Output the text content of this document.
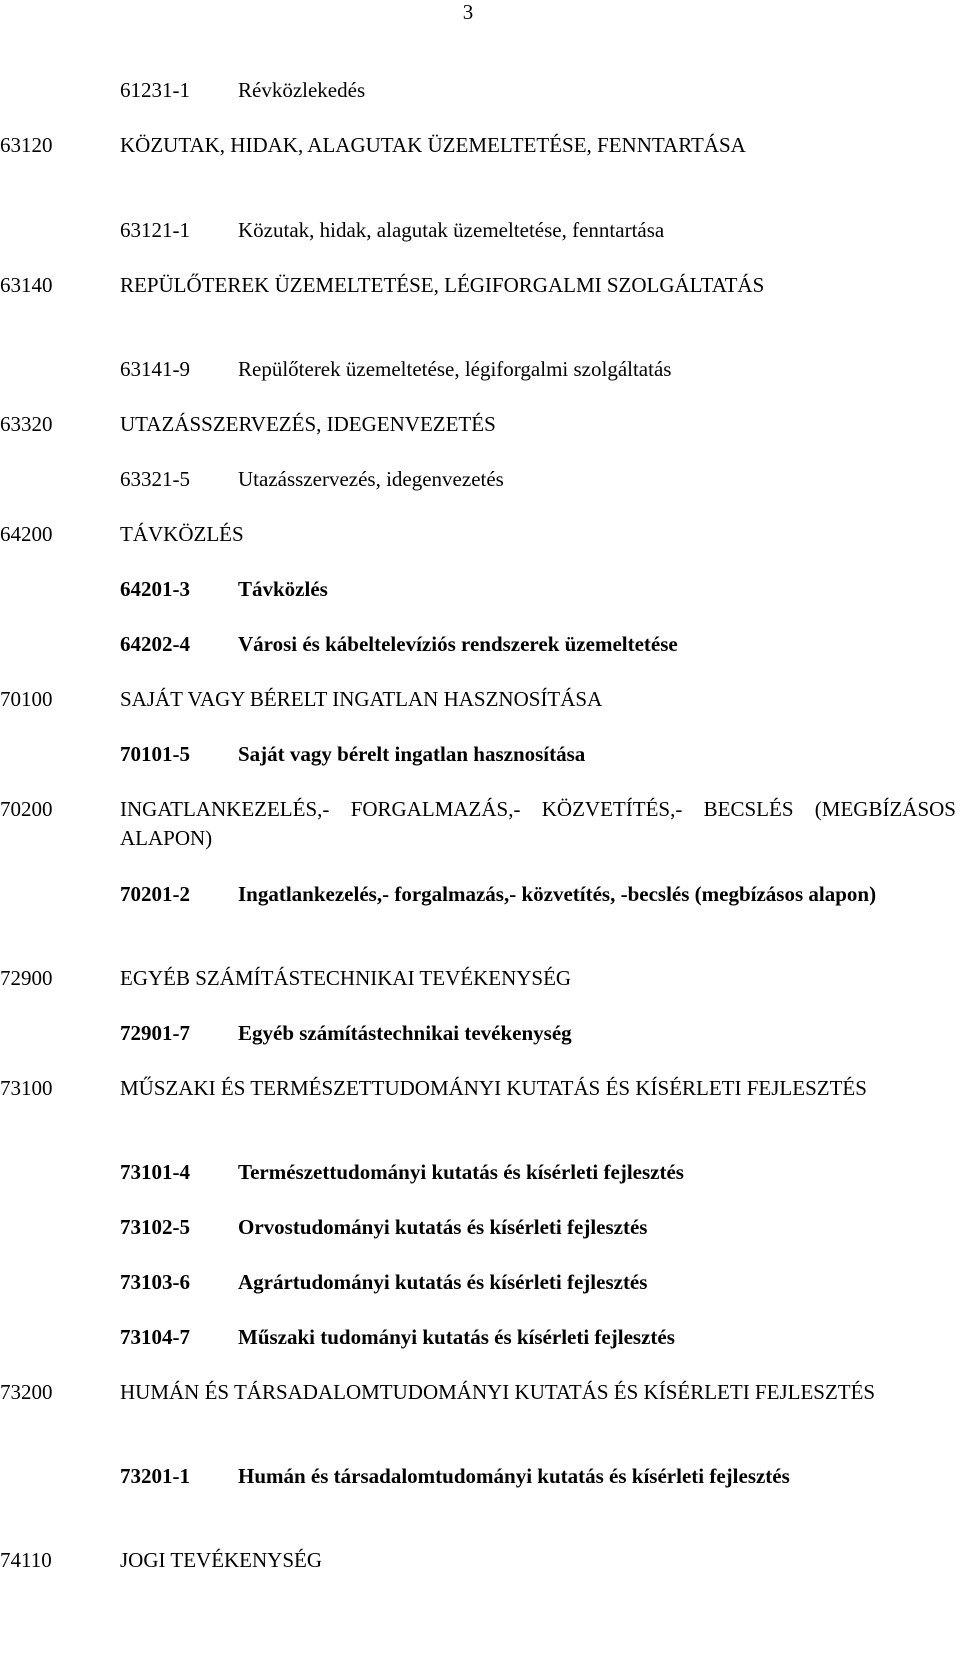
3
61231-1	Révközlekedés
63120	KÖZUTAK, HIDAK, ALAGUTAK ÜZEMELTETÉSE, FENNTARTÁSA
63121-1	Közutak, hidak, alagutak üzemeltetése, fenntartása
63140	REPÜLŐTEREK ÜZEMELTETÉSE, LÉGIFORGALMI SZOLGÁLTATÁS
63141-9	Repülőterek üzemeltetése, légiforgalmi szolgáltatás
63320	UTAZÁSSZERVEZÉS, IDEGENVEZETÉS
63321-5	Utazásszervezés, idegenvezetés
64200	TÁVKÖZLÉS
64201-3	Távközlés
64202-4	Városi és kábeltelevíziós rendszerek üzemeltetése
70100	SAJÁT VAGY BÉRELT INGATLAN HASZNOSÍTÁSA
70101-5	Saját vagy bérelt ingatlan hasznosítása
70200	INGATLANKEZELÉS,- FORGALMAZÁS,- KÖZVETÍTÉS,- BECSLÉS (MEGBÍZÁSOS ALAPON)
70201-2	Ingatlankezelés,- forgalmazás,- közvetítés, -becslés (megbízásos alapon)
72900	EGYÉB SZÁMÍTÁSTECHNIKAI TEVÉKENYSÉG
72901-7	Egyéb számítástechnikai tevékenység
73100	MŰSZAKI ÉS TERMÉSZETTUDOMÁNYI KUTATÁS ÉS KÍSÉRLETI FEJLESZTÉS
73101-4	Természettudományi kutatás és kísérleti fejlesztés
73102-5	Orvostudományi kutatás és kísérleti fejlesztés
73103-6	Agrártudományi kutatás és kísérleti fejlesztés
73104-7	Műszaki tudományi kutatás és kísérleti fejlesztés
73200	HUMÁN ÉS TÁRSADALOMTUDOMÁNYI KUTATÁS ÉS KÍSÉRLETI FEJLESZTÉS
73201-1	Humán és társadalomtudományi kutatás és kísérleti fejlesztés
74110	JOGI TEVÉKENYSÉG
